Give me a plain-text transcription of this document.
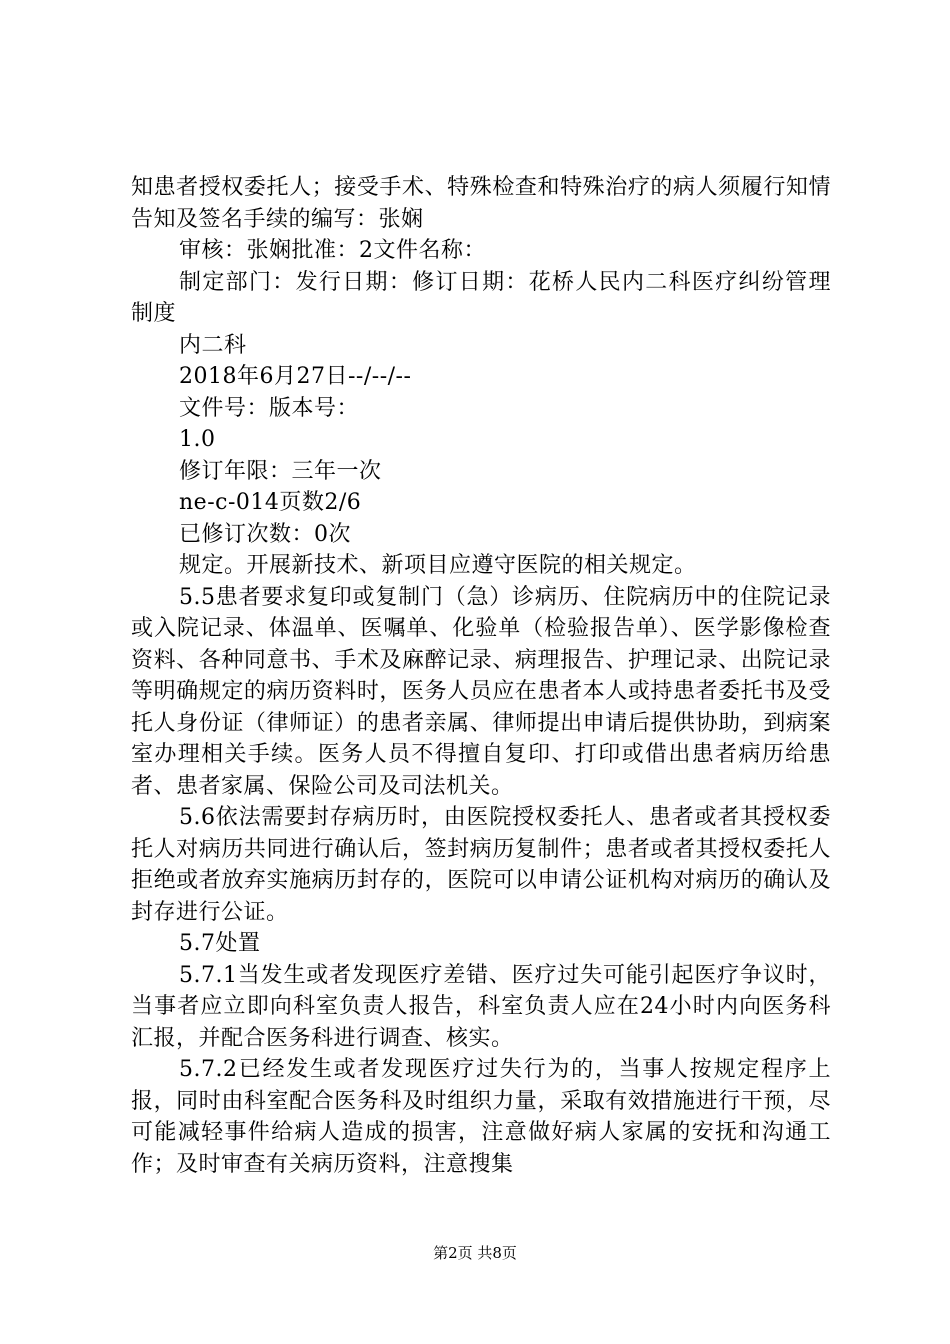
知患者授权委托人；接受手术、特殊检查和特殊治疗的病人须履行知情告知及签名手续的编写：张娴

审核：张娴批准：2文件名称：

制定部门：发行日期：修订日期：花桥人民内二科医疗纠纷管理制度

内二科

2018年6月27日--/--/--

文件号：版本号：

1.0

修订年限：三年一次

ne-c-014页数2/6

已修订次数：0次

规定。开展新技术、新项目应遵守医院的相关规定。

5.5患者要求复印或复制门（急）诊病历、住院病历中的住院记录或入院记录、体温单、医嘱单、化验单（检验报告单）、医学影像检查资料、各种同意书、手术及麻醉记录、病理报告、护理记录、出院记录等明确规定的病历资料时，医务人员应在患者本人或持患者委托书及受托人身份证（律师证）的患者亲属、律师提出申请后提供协助，到病案室办理相关手续。医务人员不得擅自复印、打印或借出患者病历给患者、患者家属、保险公司及司法机关。

5.6依法需要封存病历时，由医院授权委托人、患者或者其授权委托人对病历共同进行确认后，签封病历复制件；患者或者其授权委托人拒绝或者放弃实施病历封存的，医院可以申请公证机构对病历的确认及封存进行公证。

5.7处置

5.7.1当发生或者发现医疗差错、医疗过失可能引起医疗争议时，当事者应立即向科室负责人报告，科室负责人应在24小时内向医务科汇报，并配合医务科进行调查、核实。

5.7.2已经发生或者发现医疗过失行为的，当事人按规定程序上报，同时由科室配合医务科及时组织力量，采取有效措施进行干预，尽可能减轻事件给病人造成的损害，注意做好病人家属的安抚和沟通工作；及时审查有关病历资料，注意搜集

第2页 共8页
